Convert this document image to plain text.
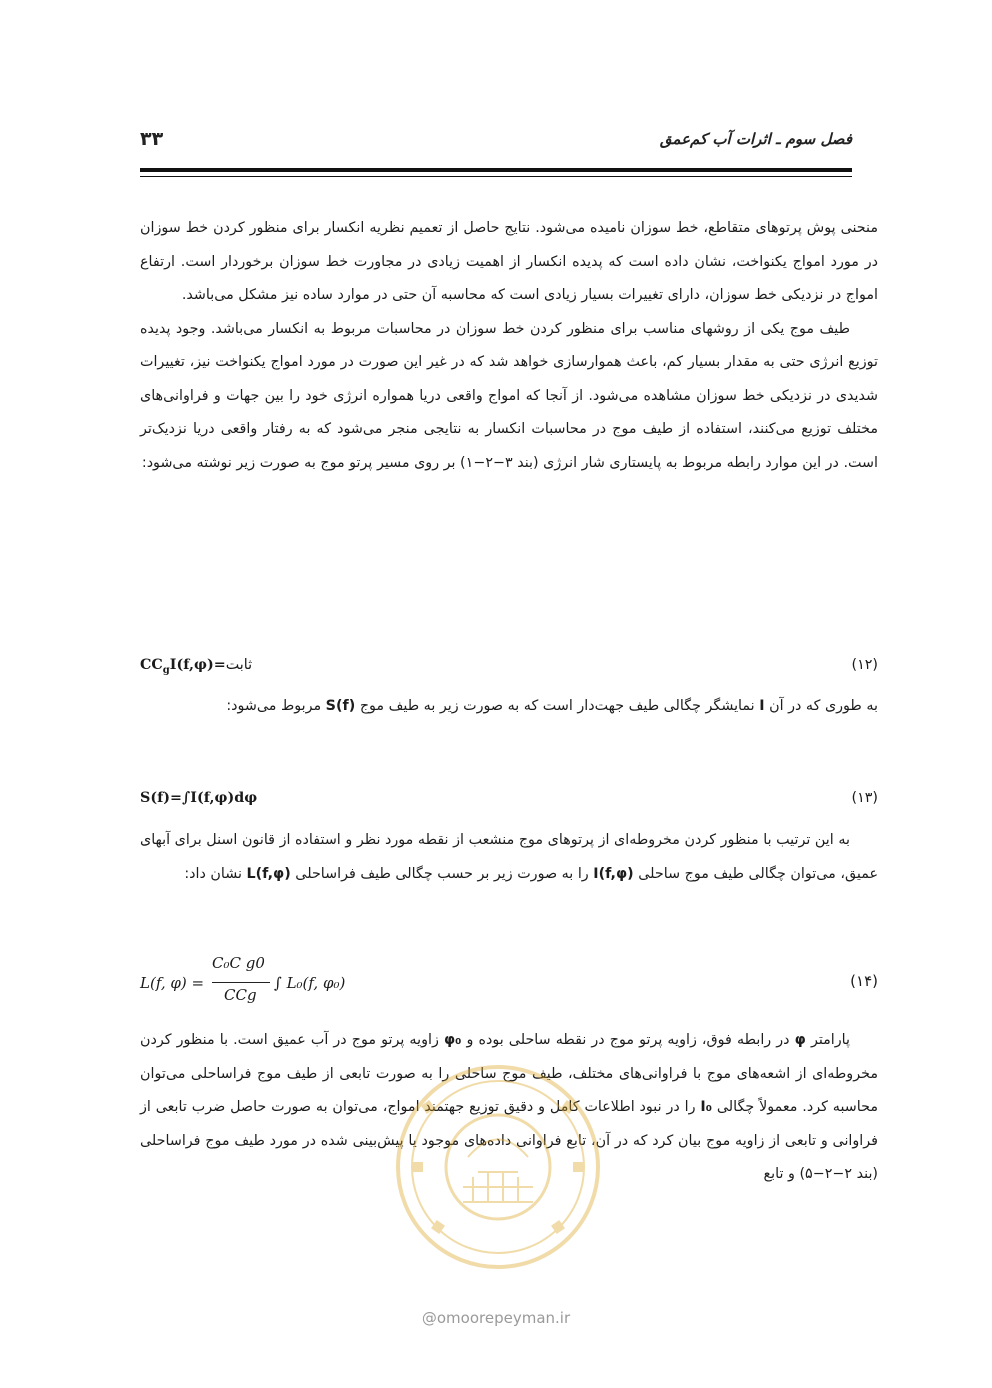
فصل سوم ـ اثرات آب کم‌عمق
۳۳

منحنی پوش پرتوهای متقاطع، خط سوزان نامیده می‌شود. نتایج حاصل از تعمیم نظریه انکسار برای منظور کردن خط سوزان در مورد امواج یکنواخت، نشان داده است که پدیده انکسار از اهمیت زیادی در مجاورت خط سوزان برخوردار است. ارتفاع امواج در نزدیکی خط سوزان، دارای تغییرات بسیار زیادی است که محاسبه آن حتی در موارد ساده نیز مشکل می‌باشد.

طیف موج یکی از روشهای مناسب برای منظور کردن خط سوزان در محاسبات مربوط به انکسار می‌باشد. وجود پدیده توزیع انرژی حتی به مقدار بسیار کم، باعث هموارسازی خواهد شد که در غیر این صورت در مورد امواج یکنواخت نیز، تغییرات شدیدی در نزدیکی خط سوزان مشاهده می‌شود. از آنجا که امواج واقعی دریا همواره انرژی خود را بین جهات و فراوانی‌های مختلف توزیع می‌کنند، استفاده از طیف موج در محاسبات انکسار به نتایجی منجر می‌شود که به رفتار واقعی دریا نزدیک‌تر است. در این موارد رابطه مربوط به پایستاری شار انرژی (بند ۳−۲−۱) بر روی مسیر پرتو موج به صورت زیر نوشته می‌شود:

(۱۲)
$CC_gI(f,\varphi)=ثابت$

به طوری که در آن I نمایشگر چگالی طیف جهت‌دار است که به صورت زیر به طیف موج S(f) مربوط می‌شود:

(۱۳)
S(f)=∫I(f,φ)dφ

به این ترتیب با منظور کردن مخروطه‌ای از پرتوهای موج منشعب از نقطه مورد نظر و استفاده از قانون اسنل برای آبهای عمیق، می‌توان چگالی طیف موج ساحلی I(f,φ) را به صورت زیر بر حسب چگالی طیف فراساحلی L(f,φ) نشان داد:

L(f, φ) =
C₀C g0
CCg
∫ L₀(f, φ₀)	(۱۴)

پارامتر φ در رابطه فوق، زاویه پرتو موج در نقطه ساحلی بوده و φ₀ زاویه پرتو موج در آب عمیق است. با منظور کردن مخروطه‌ای از اشعه‌های موج با فراوانی‌های مختلف، طیف موج ساحلی را به صورت تابعی از طیف موج فراساحلی می‌توان محاسبه کرد. معمولاً چگالی I₀ را در نبود اطلاعات کامل و دقیق توزیع جهتمند امواج، می‌توان به صورت حاصل ضرب تابعی از فراوانی و تابعی از زاویه موج بیان کرد که در آن، تابع فراوانی داده‌های موجود یا پیش‌بینی شده در مورد طیف موج فراساحلی (بند ۲−۲−۵) و تابع

@omoorepeyman.ir
